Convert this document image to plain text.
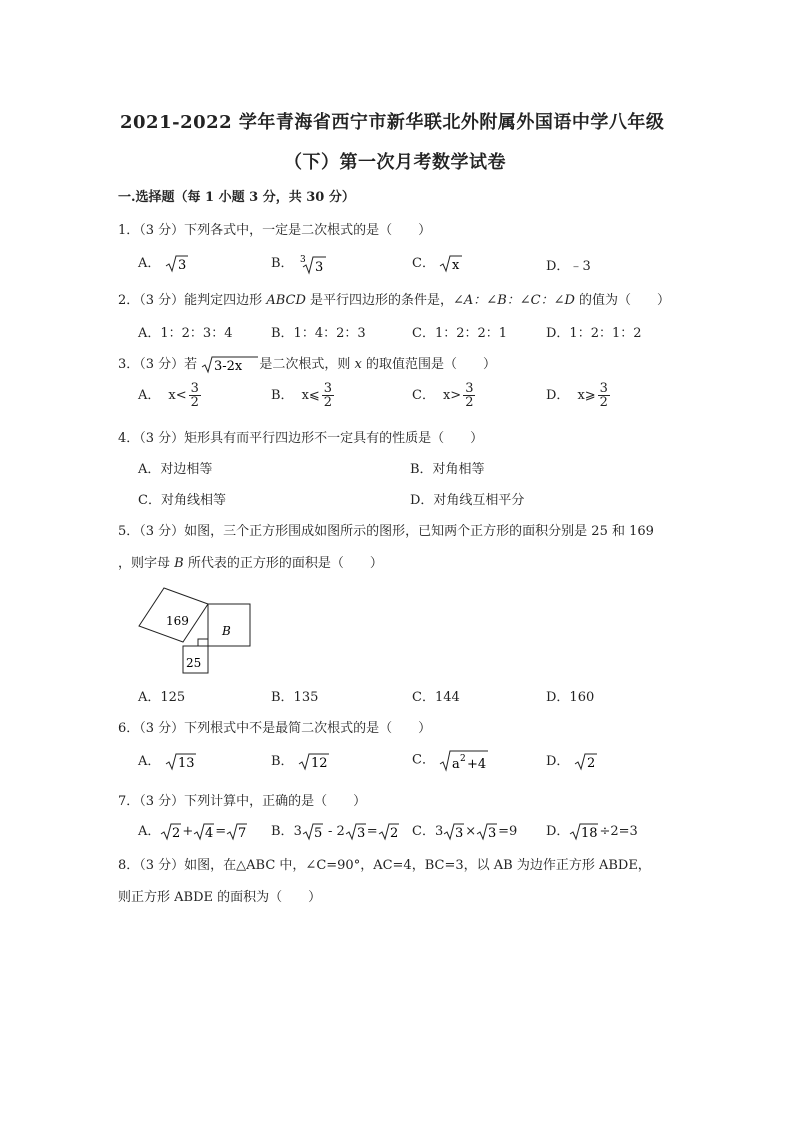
2021-2022 学年青海省西宁市新华联北外附属外国语中学八年级
（下）第一次月考数学试卷
一.选择题（每 1 小题 3 分，共 30 分）
1．（3 分）下列各式中，一定是二次根式的是（　　）
A． 3	B． 3 3	C． x	D．﹣3
2．（3 分）能判定四边形 ABCD 是平行四边形的条件是，∠A：∠B：∠C：∠D 的值为（　　）
A．1：2：3：4	B．1：4：2：3	C．1：2：2：1	D．1：2：1：2
3．（3 分）若 3-2x 是二次根式，则 x 的取值范围是（　　）
A． $x< \frac{3}{2}$	B． x⩽ $\frac{3}{2}$	C． $x> \frac{3}{2}$	D． x⩾ $\frac{3}{2}$
4．（3 分）矩形具有而平行四边形不一定具有的性质是（　　）
A．对边相等	B．对角相等
C．对角线相等	D．对角线互相平分
5．（3 分）如图，三个正方形围成如图所示的图形，已知两个正方形的面积分别是 25 和 169
，则字母 B 所代表的正方形的面积是（　　）
169
B
25
A．125	B．135	C．144	D．160
6．（3 分）下列根式中不是最简二次根式的是（　　）
A． 13	B． 12	C． a 2 +4	D． 2
7．（3 分）下列计算中，正确的是（　　）
A． 2 + 4 = 7 B．3 5 - 2 3 = 2 C．3 3 × 3 =9 D． 18 ÷2=3
8．（3 分）如图，在△ABC 中，∠C=90°，AC=4，BC=3，以 AB 为边作正方形 ABDE，
则正方形 ABDE 的面积为（　　）
